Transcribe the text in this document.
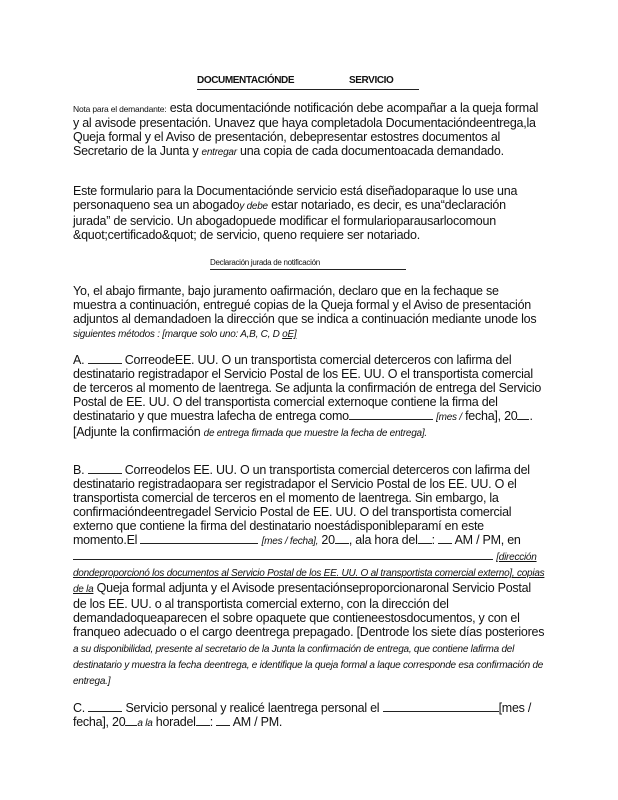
DOCUMENTACIÓNDE	SERVICIO

Nota para el demandante: esta documentaciónde notificación debe acompañar a la queja formal y al avisode presentación. Unavez que haya completadola Documentacióndeentrega,la Queja formal y el Aviso de presentación, debepresentar estostres documentos al Secretario de la Junta y entregar una copia de cada documentoacada demandado.

Este formulario para la Documentaciónde servicio está diseñadoparaque lo use una personaqueno sea un abogadoy debe estar notariado, es decir, es una“declaración jurada” de servicio. Un abogadopuede modificar el formularioparausarlocomoun &quot;certificado&quot; de servicio, queno requiere ser notariado.

Declaración jurada de notificación

Yo, el abajo firmante, bajo juramento oafirmación, declaro que en la fechaque se muestra a continuación, entregué copias de la Queja formal y el Aviso de presentación adjuntos al demandadoen la dirección que se indica a continuación mediante unode los siguientes métodos : [marque solo uno: A,B, C, D oE]

A.	CorreodeEE. UU. O un transportista comercial deterceros con lafirma del destinatario registradapor el Servicio Postal de los EE. UU. O el transportista comercial de terceros al momento de laentrega. Se adjunta la confirmación de entrega del Servicio Postal de EE. UU. O del transportista comercial externoque contiene la firma del destinatario y que muestra lafecha de entrega como	[mes / fecha], 20 .[Adjunte la confirmación de entrega firmada que muestre la fecha de entrega].

B.	Correodelos EE. UU. O un transportista comercial deterceros con lafirma del destinatario registradaopara ser registradapor el Servicio Postal de los EE. UU. O el transportista comercial de terceros en el momento de laentrega. Sin embargo, la confirmacióndeentregadel Servicio Postal de EE. UU. O del transportista comercial externo que contiene la firma del destinatario noestádisponibleparamí en este momento.El	[mes / fecha], 20 , ala hora del :  AM / PM, en  [dirección dondeproporcionó los documentos al Servicio Postal de los EE. UU. O al transportista comercial externo], copias de la Queja formal adjunta y el Avisode presentaciónseproporcionaronal Servicio Postal de los EE. UU. o al transportista comercial externo, con la dirección del demandadoqueaparecen el sobre opaquete que contieneestosdocumentos, y con el franqueo adecuado o el cargo deentrega prepagado. [Dentrode los siete días posteriores a su disponibilidad, presente al secretario de la Junta la confirmación de entrega, que contiene lafirma del destinatario y muestra la fecha deentrega, e identifique la queja formal a laque corresponde esa confirmación de entrega.]

C.	Servicio personal y realicé laentrega personal el	[mes / fecha], 20 a la horadel :  AM / PM.
